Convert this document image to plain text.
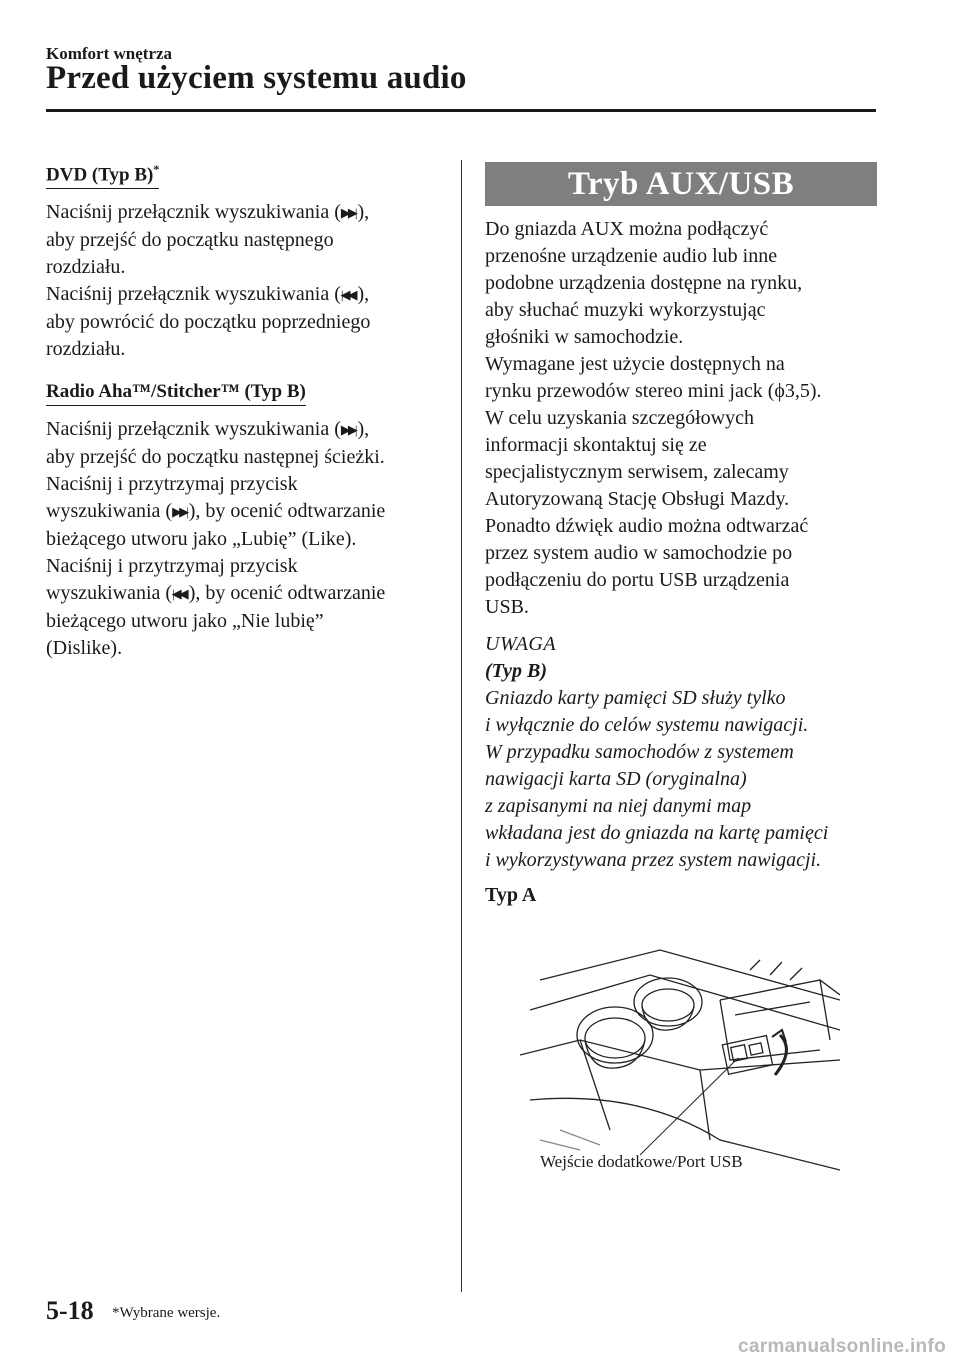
Komfort wnętrza
Przed użyciem systemu audio
DVD (Typ B)*

Naciśnij przełącznik wyszukiwania (▶▶| ),
aby przejść do początku następnego
rozdziału.
Naciśnij przełącznik wyszukiwania (|◀◀ ),
aby powrócić do początku poprzedniego
rozdziału.

Radio Aha™/Stitcher™ (Typ B)

Naciśnij przełącznik wyszukiwania (▶▶| ),
aby przejść do początku następnej ścieżki.
Naciśnij i przytrzymaj przycisk
wyszukiwania (▶▶| ), by ocenić odtwarzanie
bieżącego utworu jako „Lubię” (Like).
Naciśnij i przytrzymaj przycisk
wyszukiwania (|◀◀ ), by ocenić odtwarzanie
bieżącego utworu jako „Nie lubię”
(Dislike).

Tryb AUX/USB

Do gniazda AUX można podłączyć
przenośne urządzenie audio lub inne
podobne urządzenia dostępne na rynku,
aby słuchać muzyki wykorzystując
głośniki w samochodzie.
Wymagane jest użycie dostępnych na
rynku przewodów stereo mini jack (ϕ3,5).
W celu uzyskania szczegółowych
informacji skontaktuj się ze
specjalistycznym serwisem, zalecamy
Autoryzowaną Stację Obsługi Mazdy.
Ponadto dźwięk audio można odtwarzać
przez system audio w samochodzie po
podłączeniu do portu USB urządzenia
USB.

UWAGA

(Typ B)

Gniazdo karty pamięci SD służy tylko
i wyłącznie do celów systemu nawigacji.
W przypadku samochodów z systemem
nawigacji karta SD (oryginalna)
z zapisanymi na niej danymi map
wkładana jest do gniazda na kartę pamięci
i wykorzystywana przez system nawigacji.

Typ A

Wejście dodatkowe/Port USB
5-18 *Wybrane wersje.
carmanualsonline.info
